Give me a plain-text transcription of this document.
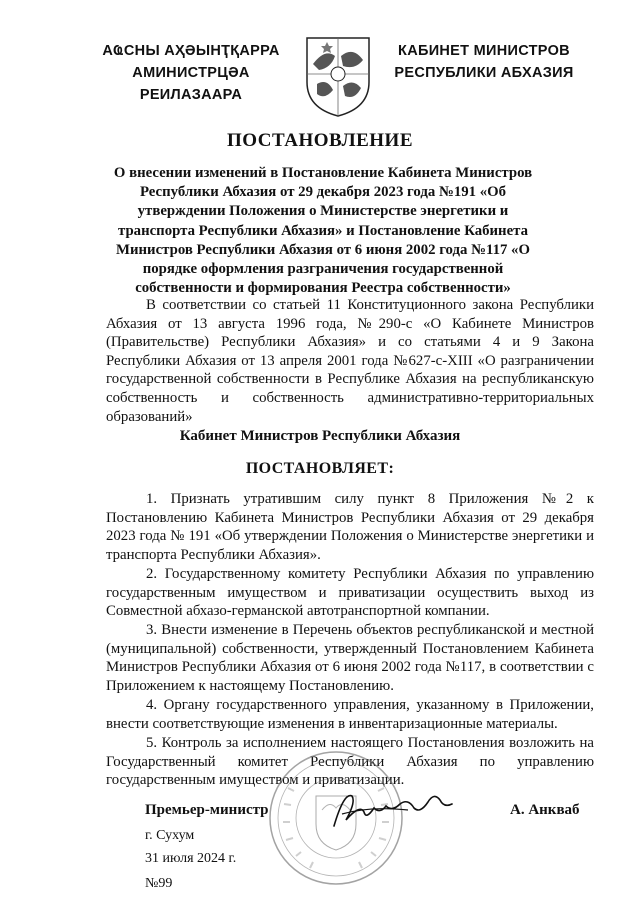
АҨСНЫ АҲӘЫНҬҚАРРА
АМИНИСТРЦӘА РЕИЛАЗААРА
КАБИНЕТ МИНИСТРОВ
РЕСПУБЛИКИ АБХАЗИЯ
ПОСТАНОВЛЕНИЕ
О внесении изменений в Постановление Кабинета Министров Республики Абхазия от 29 декабря 2023 года №191 «Об утверждении Положения о Министерстве энергетики и транспорта Республики Абхазия» и Постановление Кабинета Министров Республики Абхазия от 6 июня 2002 года №117 «О порядке оформления разграничения государственной собственности и формирования Реестра собственности»
В соответствии со статьей 11 Конституционного закона Республики Абхазия от 13 августа 1996 года, №290-с «О Кабинете Министров (Правительстве) Республики Абхазия» и со статьями 4 и 9 Закона Республики Абхазия от 13 апреля 2001 года №627-с-XIII «О разграничении государственной собственности в Республике Абхазия на республиканскую собственность и собственность административно-территориальных образований»
Кабинет Министров Республики Абхазия
ПОСТАНОВЛЯЕТ:
1. Признать утратившим силу пункт 8 Приложения №2 к Постановлению Кабинета Министров Республики Абхазия от 29 декабря 2023 года № 191 «Об утверждении Положения о Министерстве энергетики и транспорта Республики Абхазия».
2. Государственному комитету Республики Абхазия по управлению государственным имуществом и приватизации осуществить выход из Совместной абхазо-германской автотранспортной компании.
3. Внести изменение в Перечень объектов республиканской и местной (муниципальной) собственности, утвержденный Постановлением Кабинета Министров Республики Абхазия от 6 июня 2002 года №117, в соответствии с Приложением к настоящему Постановлению.
4. Органу государственного управления, указанному в Приложении, внести соответствующие изменения в инвентаризационные материалы.
5. Контроль за исполнением настоящего Постановления возложить на Государственный комитет Республики Абхазия по управлению государственным имуществом и приватизации.
Премьер-министр	А. Анкваб
г. Сухум
31 июля 2024 г.
№99
